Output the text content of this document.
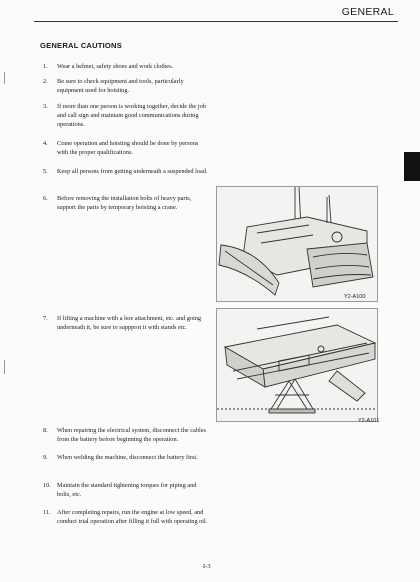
GENERAL
GENERAL CAUTIONS
1.	Wear a helmet, safety shoes and work clothes.
2.	Be sure to check equipment and tools, particularly equipment used for hoisting.
3.	If more than one person is working together, decide the job and call sign and maintain good communications during operations.
4.	Crane operation and hoisting should be done by persons with the proper qualifications.
5.	Keep all persons from getting underneath a suspended load.
6.	Before removing the installation bolts of heavy parts, support the parts by temporary hoisting a crane.
7.	If lifting a machine with a hoe attachment, etc. and going underneath it, be sure to suppport it with stands etc.
8.	When repairing the electrical system, disconnect the cables from the battery before beginning the operation.
9.	When welding the machine, disconnect the battery first.
10. Maintain the standard tightening torques for piping and bolts, etc.
11.	After completing repairs, run the engine at low speed, and conduct trial operation after filling it full with operating oil.
Y2-A100
Y2-A101
I-3
